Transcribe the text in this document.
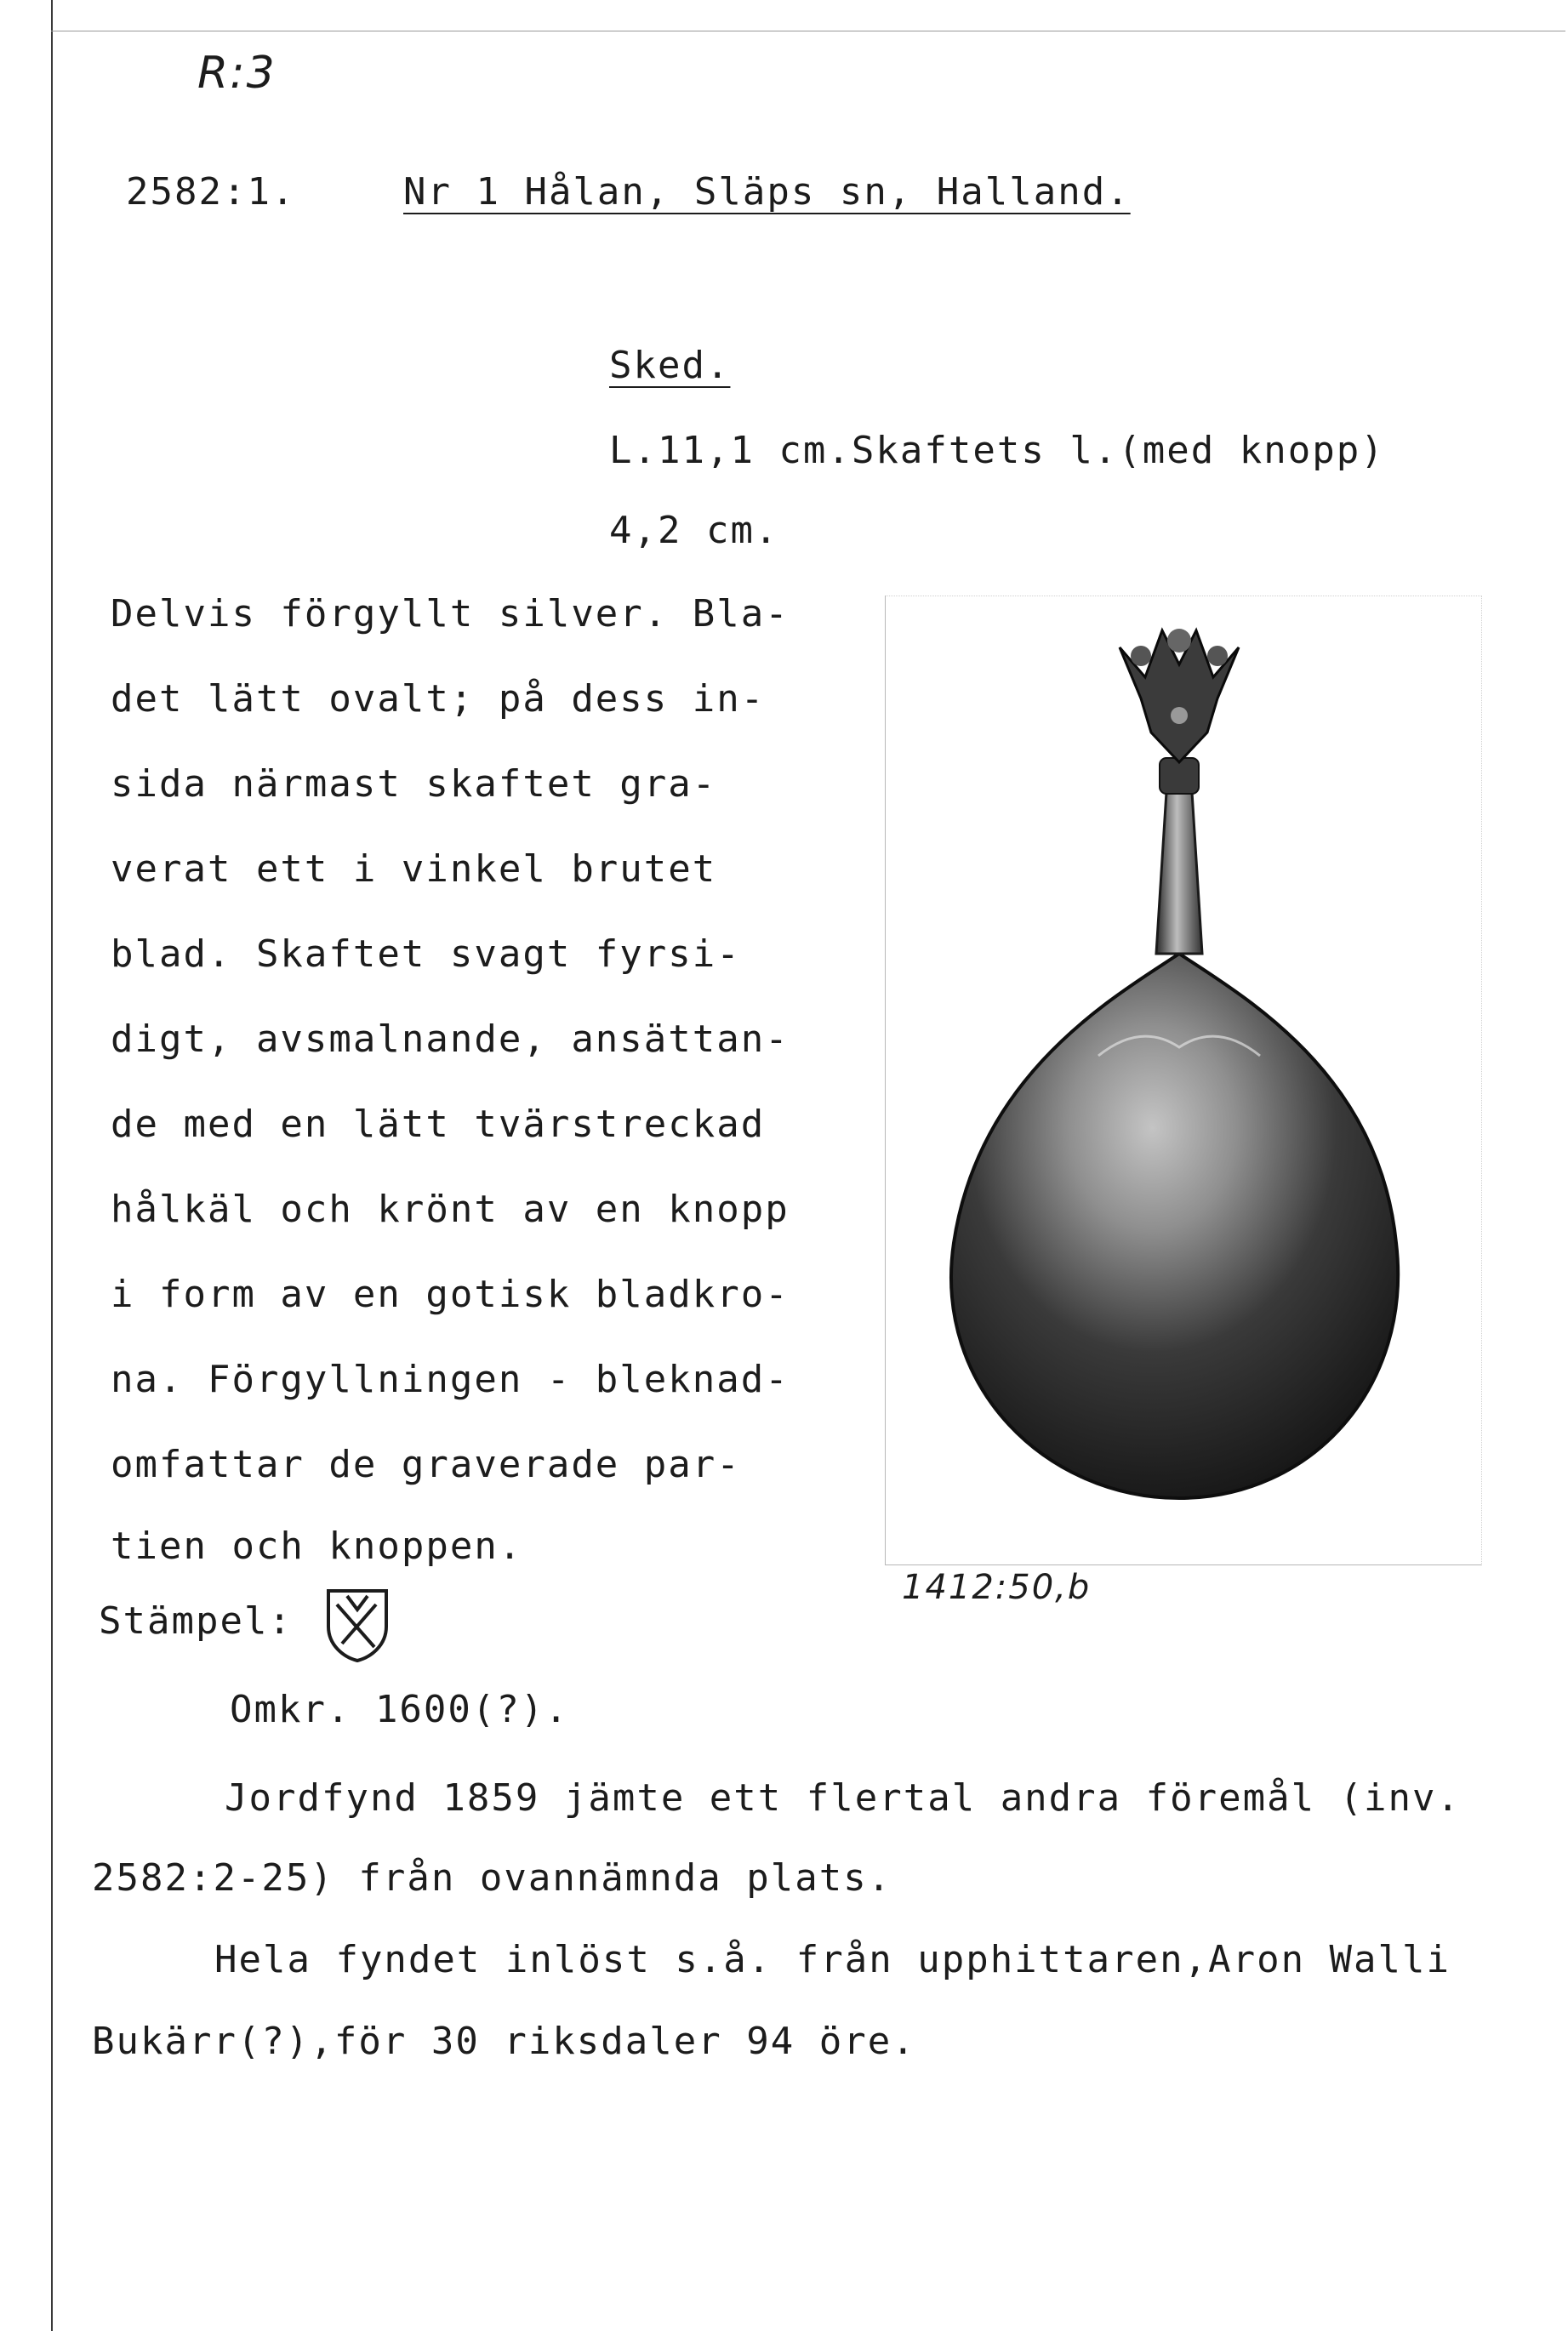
R:3
2582:1.	Nr 1 Hålan, Släps sn, Halland.
Sked.
L.11,1 cm.Skaftets l.(med knopp)
4,2 cm.
Delvis förgyllt silver. Bla-
det lätt ovalt; på dess in-
sida närmast skaftet gra-
verat ett i vinkel brutet
blad. Skaftet svagt fyrsi-
digt, avsmalnande, ansättan-
de med en lätt tvärstreckad
hålkäl och krönt av en knopp
i form av en gotisk bladkro-
na. Förgyllningen - bleknad-
omfattar de graverade par-
tien och knoppen.
1412:50,b
Stämpel:
Omkr. 1600(?).
Jordfynd 1859 jämte ett flertal andra föremål (inv.
2582:2-25) från ovannämnda plats.
Hela fyndet inlöst s.å. från upphittaren,Aron Walli
Bukärr(?),för 30 riksdaler 94 öre.
